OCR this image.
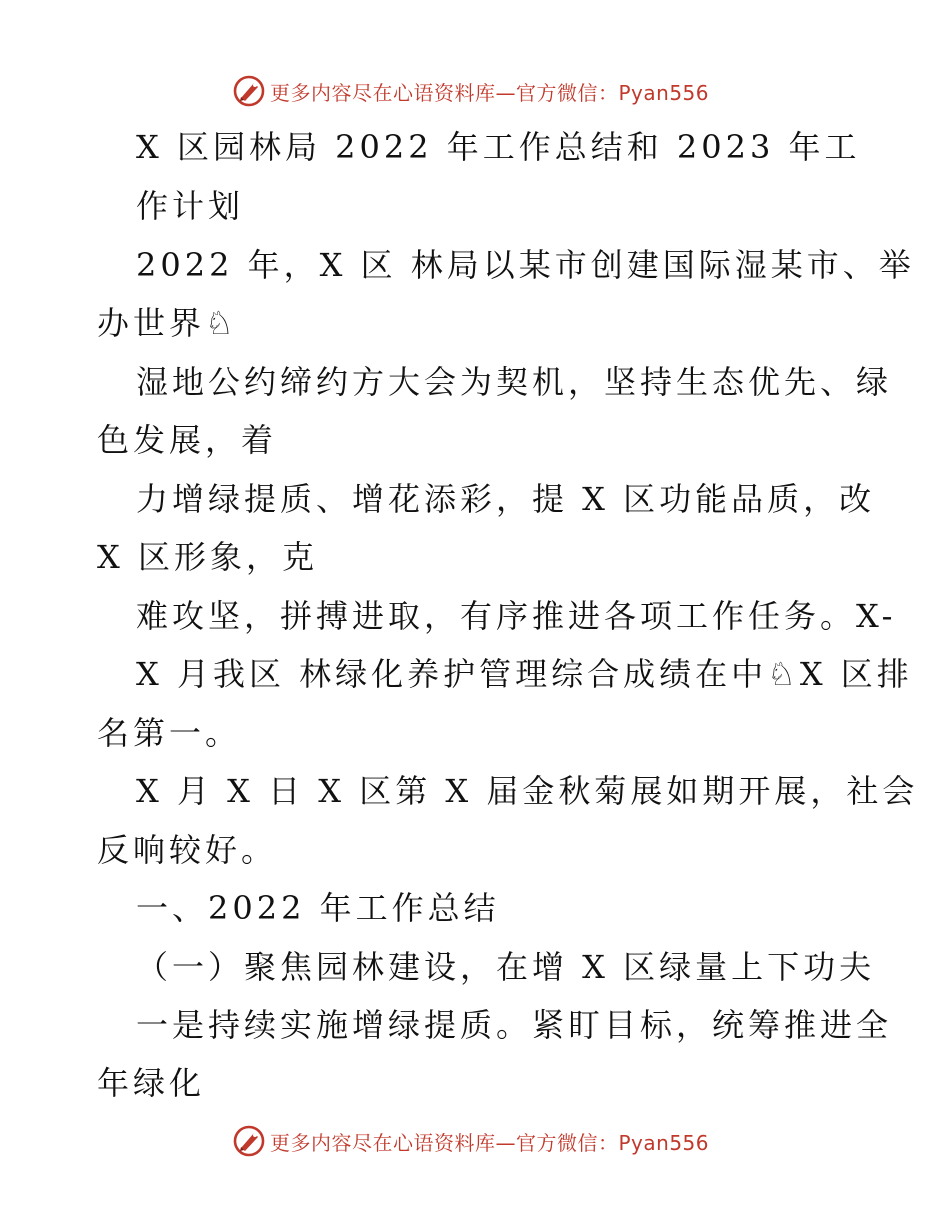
更多内容尽在心语资料库—官方微信：Pyan556

X 区园林局 2022 年工作总结和 2023 年工

作计划

2022 年，X 区 林局以某市创建国际湿某市、举

办世界♘

湿地公约缔约方大会为契机，坚持生态优先、绿

色发展，着

力增绿提质、增花添彩，提 X 区功能品质，改

X 区形象，克

难攻坚，拼搏进取，有序推进各项工作任务。X-

X 月我区 林绿化养护管理综合成绩在中♘X 区排

名第一。

X 月 X 日 X 区第 X 届金秋菊展如期开展，社会

反响较好。

一、2022 年工作总结

（一）聚焦园林建设，在增 X 区绿量上下功夫

一是持续实施增绿提质。紧盯目标，统筹推进全

年绿化

更多内容尽在心语资料库—官方微信：Pyan556
